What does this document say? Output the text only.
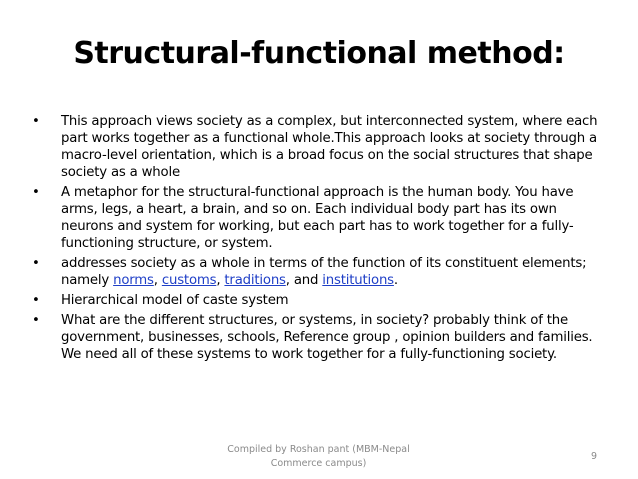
Structural-functional method:
• This approach views society as a complex, but interconnected system, where each part works together as a functional whole.This approach looks at society through a macro-level orientation, which is a broad focus on the social structures that shape society as a whole
• A metaphor for the structural-functional approach is the human body. You have arms, legs, a heart, a brain, and so on. Each individual body part has its own neurons and system for working, but each part has to work together for a fully-functioning structure, or system.
• addresses society as a whole in terms of the function of its constituent elements; namely norms, customs, traditions, and institutions.
• Hierarchical model of caste system
• What are the different structures, or systems, in society? probably think of the government, businesses, schools, Reference group , opinion builders and families. We need all of these systems to work together for a fully-functioning society.
Compiled by Roshan pant (MBM-Nepal
Commerce campus)
9
